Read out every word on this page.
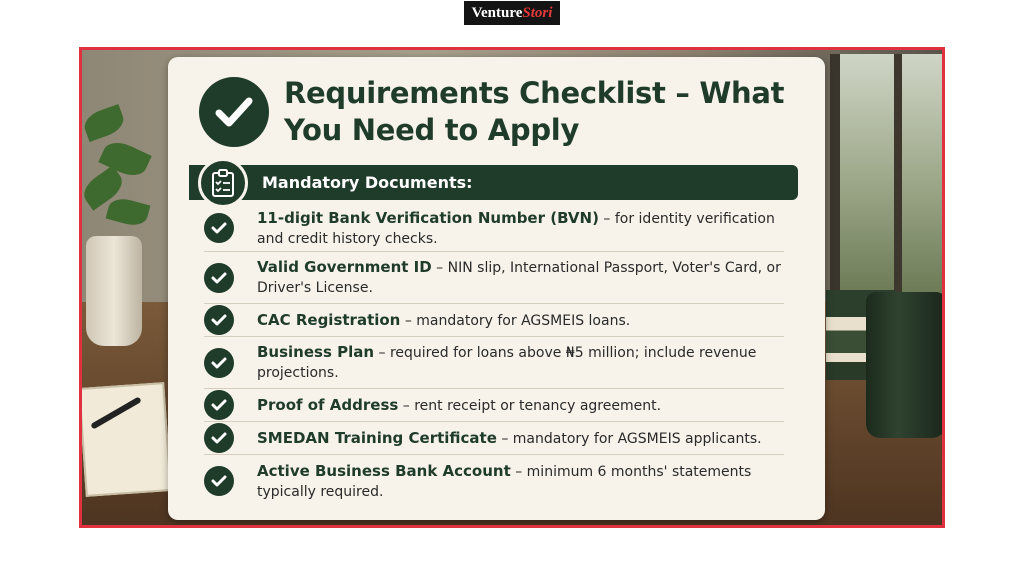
Venture Stori
Requirements Checklist – What You Need to Apply
Mandatory Documents:
11-digit Bank Verification Number (BVN) – for identity verification and credit history checks.
Valid Government ID – NIN slip, International Passport, Voter's Card, or Driver's License.
CAC Registration – mandatory for AGSMEIS loans.
Business Plan – required for loans above ₦5 million; include revenue projections.
Proof of Address – rent receipt or tenancy agreement.
SMEDAN Training Certificate – mandatory for AGSMEIS applicants.
Active Business Bank Account – minimum 6 months' statements typically required.
